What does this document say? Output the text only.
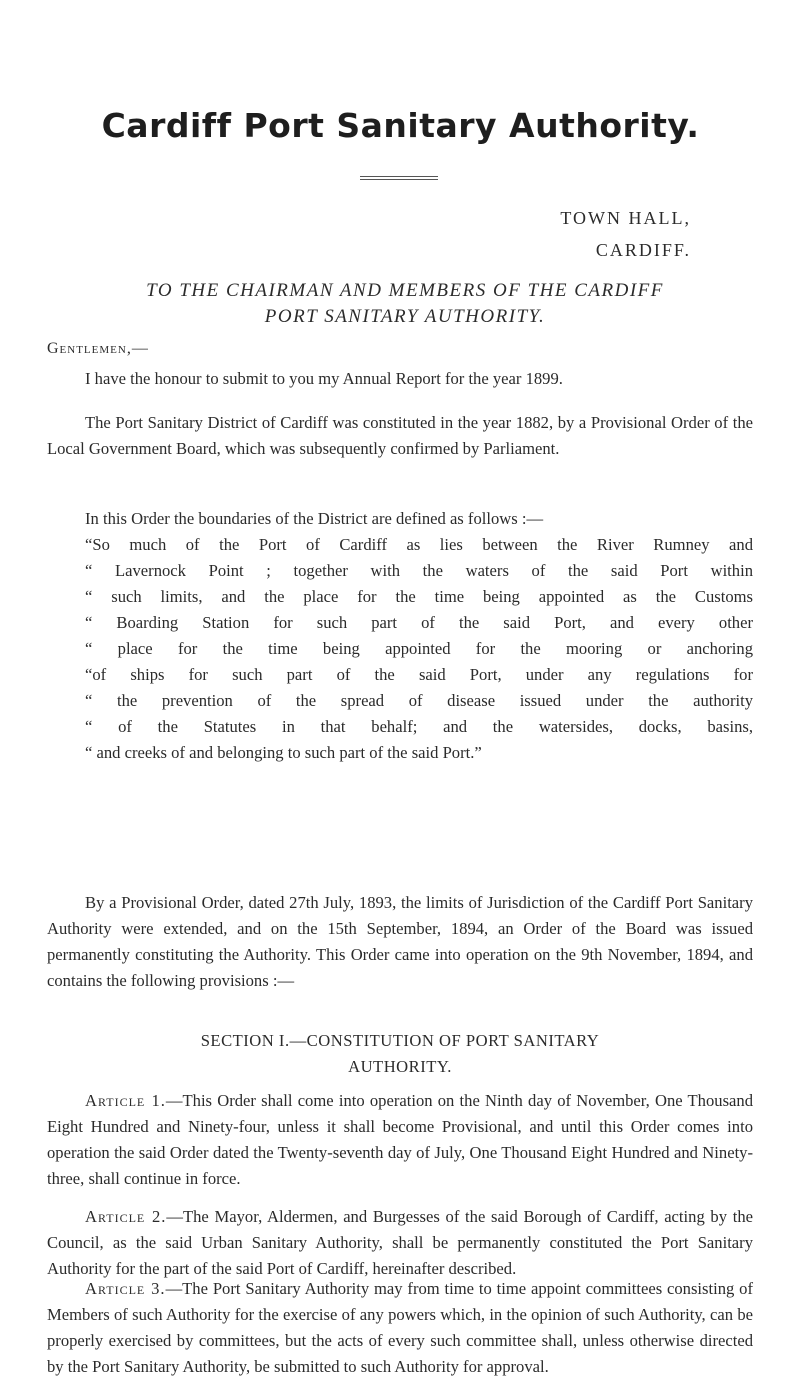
Cardiff Port Sanitary Authority.
TOWN HALL,
CARDIFF.
TO THE CHAIRMAN AND MEMBERS OF THE CARDIFF
PORT SANITARY AUTHORITY.
Gentlemen,—
I have the honour to submit to you my Annual Report for the year 1899.
The Port Sanitary District of Cardiff was constituted in the year 1882, by a Provisional Order of the Local Government Board, which was subsequently confirmed by Parliament.
In this Order the boundaries of the District are defined as follows :—
“So much of the Port of Cardiff as lies between the River Rumney and
“ Lavernock Point ; together with the waters of the said Port within
“ such limits, and the place for the time being appointed as the Customs
“ Boarding Station for such part of the said Port, and every other
“ place for the time being appointed for the mooring or anchoring
“of ships for such part of the said Port, under any regulations for
“ the prevention of the spread of disease issued under the authority
“ of the Statutes in that behalf; and the watersides, docks, basins,
“ and creeks of and belonging to such part of the said Port.”
By a Provisional Order, dated 27th July, 1893, the limits of Jurisdiction of the Cardiff Port Sanitary Authority were extended, and on the 15th September, 1894, an Order of the Board was issued permanently constituting the Authority. This Order came into operation on the 9th November, 1894, and contains the following provisions :—
SECTION I.—CONSTITUTION OF PORT SANITARY
AUTHORITY.
Article 1.—This Order shall come into operation on the Ninth day of November, One Thousand Eight Hundred and Ninety-four, unless it shall become Provisional, and until this Order comes into operation the said Order dated the Twenty-seventh day of July, One Thousand Eight Hundred and Ninety-three, shall continue in force.
Article 2.—The Mayor, Aldermen, and Burgesses of the said Borough of Cardiff, acting by the Council, as the said Urban Sanitary Authority, shall be permanently constituted the Port Sanitary Authority for the part of the said Port of Cardiff, hereinafter described.
Article 3.—The Port Sanitary Authority may from time to time appoint committees consisting of Members of such Authority for the exercise of any powers which, in the opinion of such Authority, can be properly exercised by committees, but the acts of every such committee shall, unless otherwise directed by the Port Sanitary Authority, be submitted to such Authority for approval.
